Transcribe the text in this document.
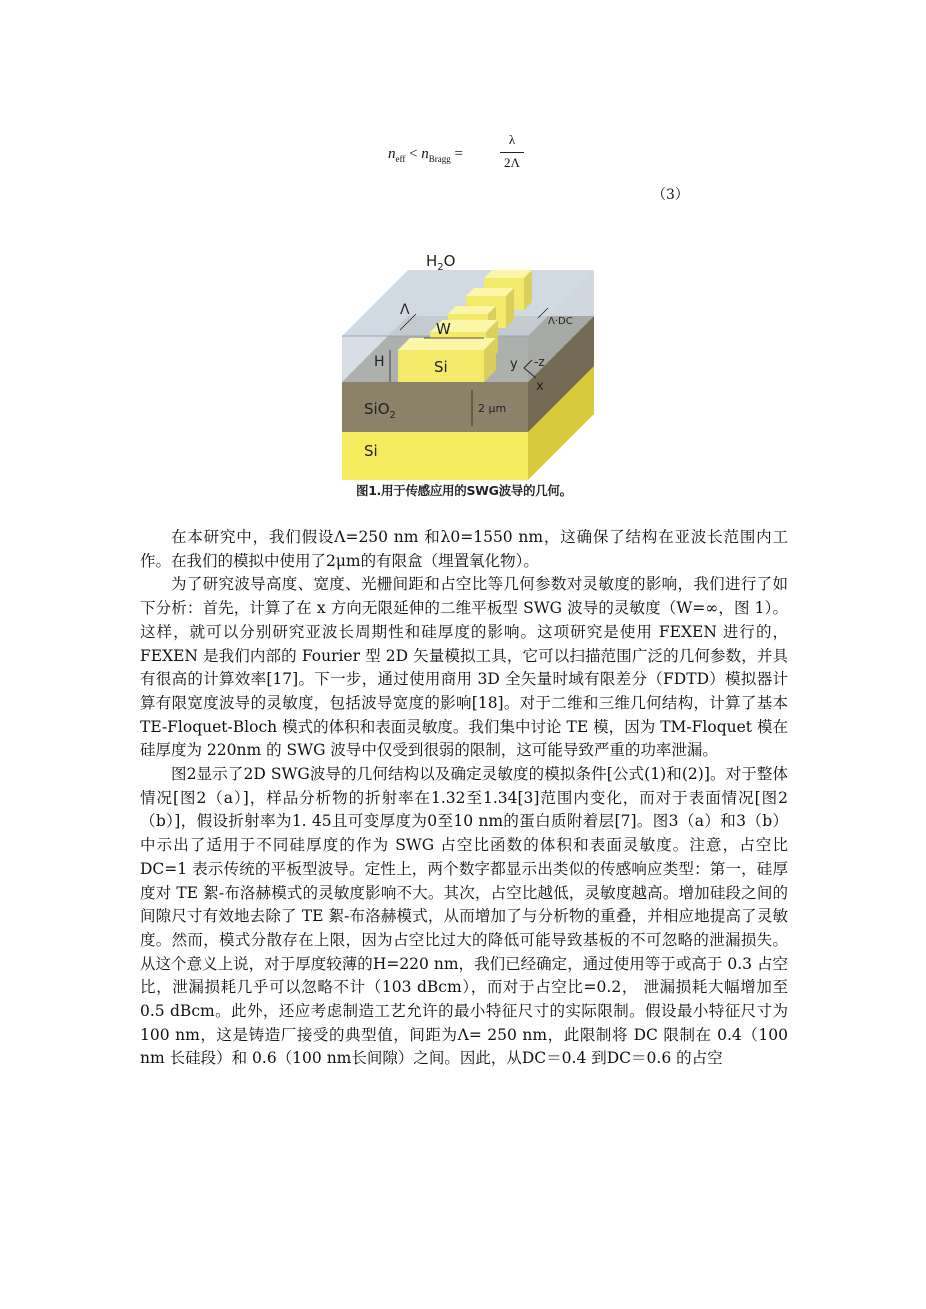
$n_{eff} < n_{Bragg}$ =
λ
2Λ
（3）
$H_2O$
Λ
Λ·DC
W
H	Si	y -z
x
SiO$_2$
2 μm
Si
图1.用于传感应用的SWG波导的几何。

在本研究中，我们假设Λ=250 nm 和λ0=1550 nm，这确保了结构在亚波长范围内工作。在我们的模拟中使用了2μm的有限盒（埋置氧化物）。

为了研究波导高度、宽度、光栅间距和占空比等几何参数对灵敏度的影响，我们进行了如下分析：首先，计算了在 x 方向无限延伸的二维平板型 SWG 波导的灵敏度（W=∞，图 1）。这样，就可以分别研究亚波长周期性和硅厚度的影响。这项研究是使用 FEXEN 进行的，FEXEN 是我们内部的 Fourier 型 2D 矢量模拟工具，它可以扫描范围广泛的几何参数，并具有很高的计算效率[17]。下一步，通过使用商用 3D 全矢量时域有限差分（FDTD）模拟器计算有限宽度波导的灵敏度，包括波导宽度的影响[18]。对于二维和三维几何结构，计算了基本 TE-Floquet-Bloch 模式的体积和表面灵敏度。我们集中讨论 TE 模，因为 TM-Floquet 模在硅厚度为 220nm 的 SWG 波导中仅受到很弱的限制，这可能导致严重的功率泄漏。

图2显示了2D SWG波导的几何结构以及确定灵敏度的模拟条件[公式(1)和(2)]。对于整体情况[图2（a）]，样品分析物的折射率在1.32至1.34[3]范围内变化，而对于表面情况[图2（b）]，假设折射率为1. 45且可变厚度为0至10 nm的蛋白质附着层[7]。图3（a）和3（b）中示出了适用于不同硅厚度的作为 SWG 占空比函数的体积和表面灵敏度。注意，占空比 DC=1 表示传统的平板型波导。定性上，两个数字都显示出类似的传感响应类型：第一，硅厚度对 TE 絮-布洛赫模式的灵敏度影响不大。其次，占空比越低，灵敏度越高。增加硅段之间的间隙尺寸有效地去除了 TE 絮-布洛赫模式，从而增加了与分析物的重叠，并相应地提高了灵敏度。然而，模式分散存在上限，因为占空比过大的降低可能导致基板的不可忽略的泄漏损失。从这个意义上说，对于厚度较薄的H=220 nm，我们已经确定，通过使用等于或高于 0.3 占空比，泄漏损耗几乎可以忽略不计（103 dBcm），而对于占空比=0.2， 泄漏损耗大幅增加至 0.5 dBcm。此外，还应考虑制造工艺允许的最小特征尺寸的实际限制。假设最小特征尺寸为100 nm，这是铸造厂接受的典型值，间距为Λ= 250 nm，此限制将 DC 限制在 0.4（100 nm 长硅段）和 0.6（100 nm长间隙）之间。因此，从DC＝0.4 到DC＝0.6 的占空
